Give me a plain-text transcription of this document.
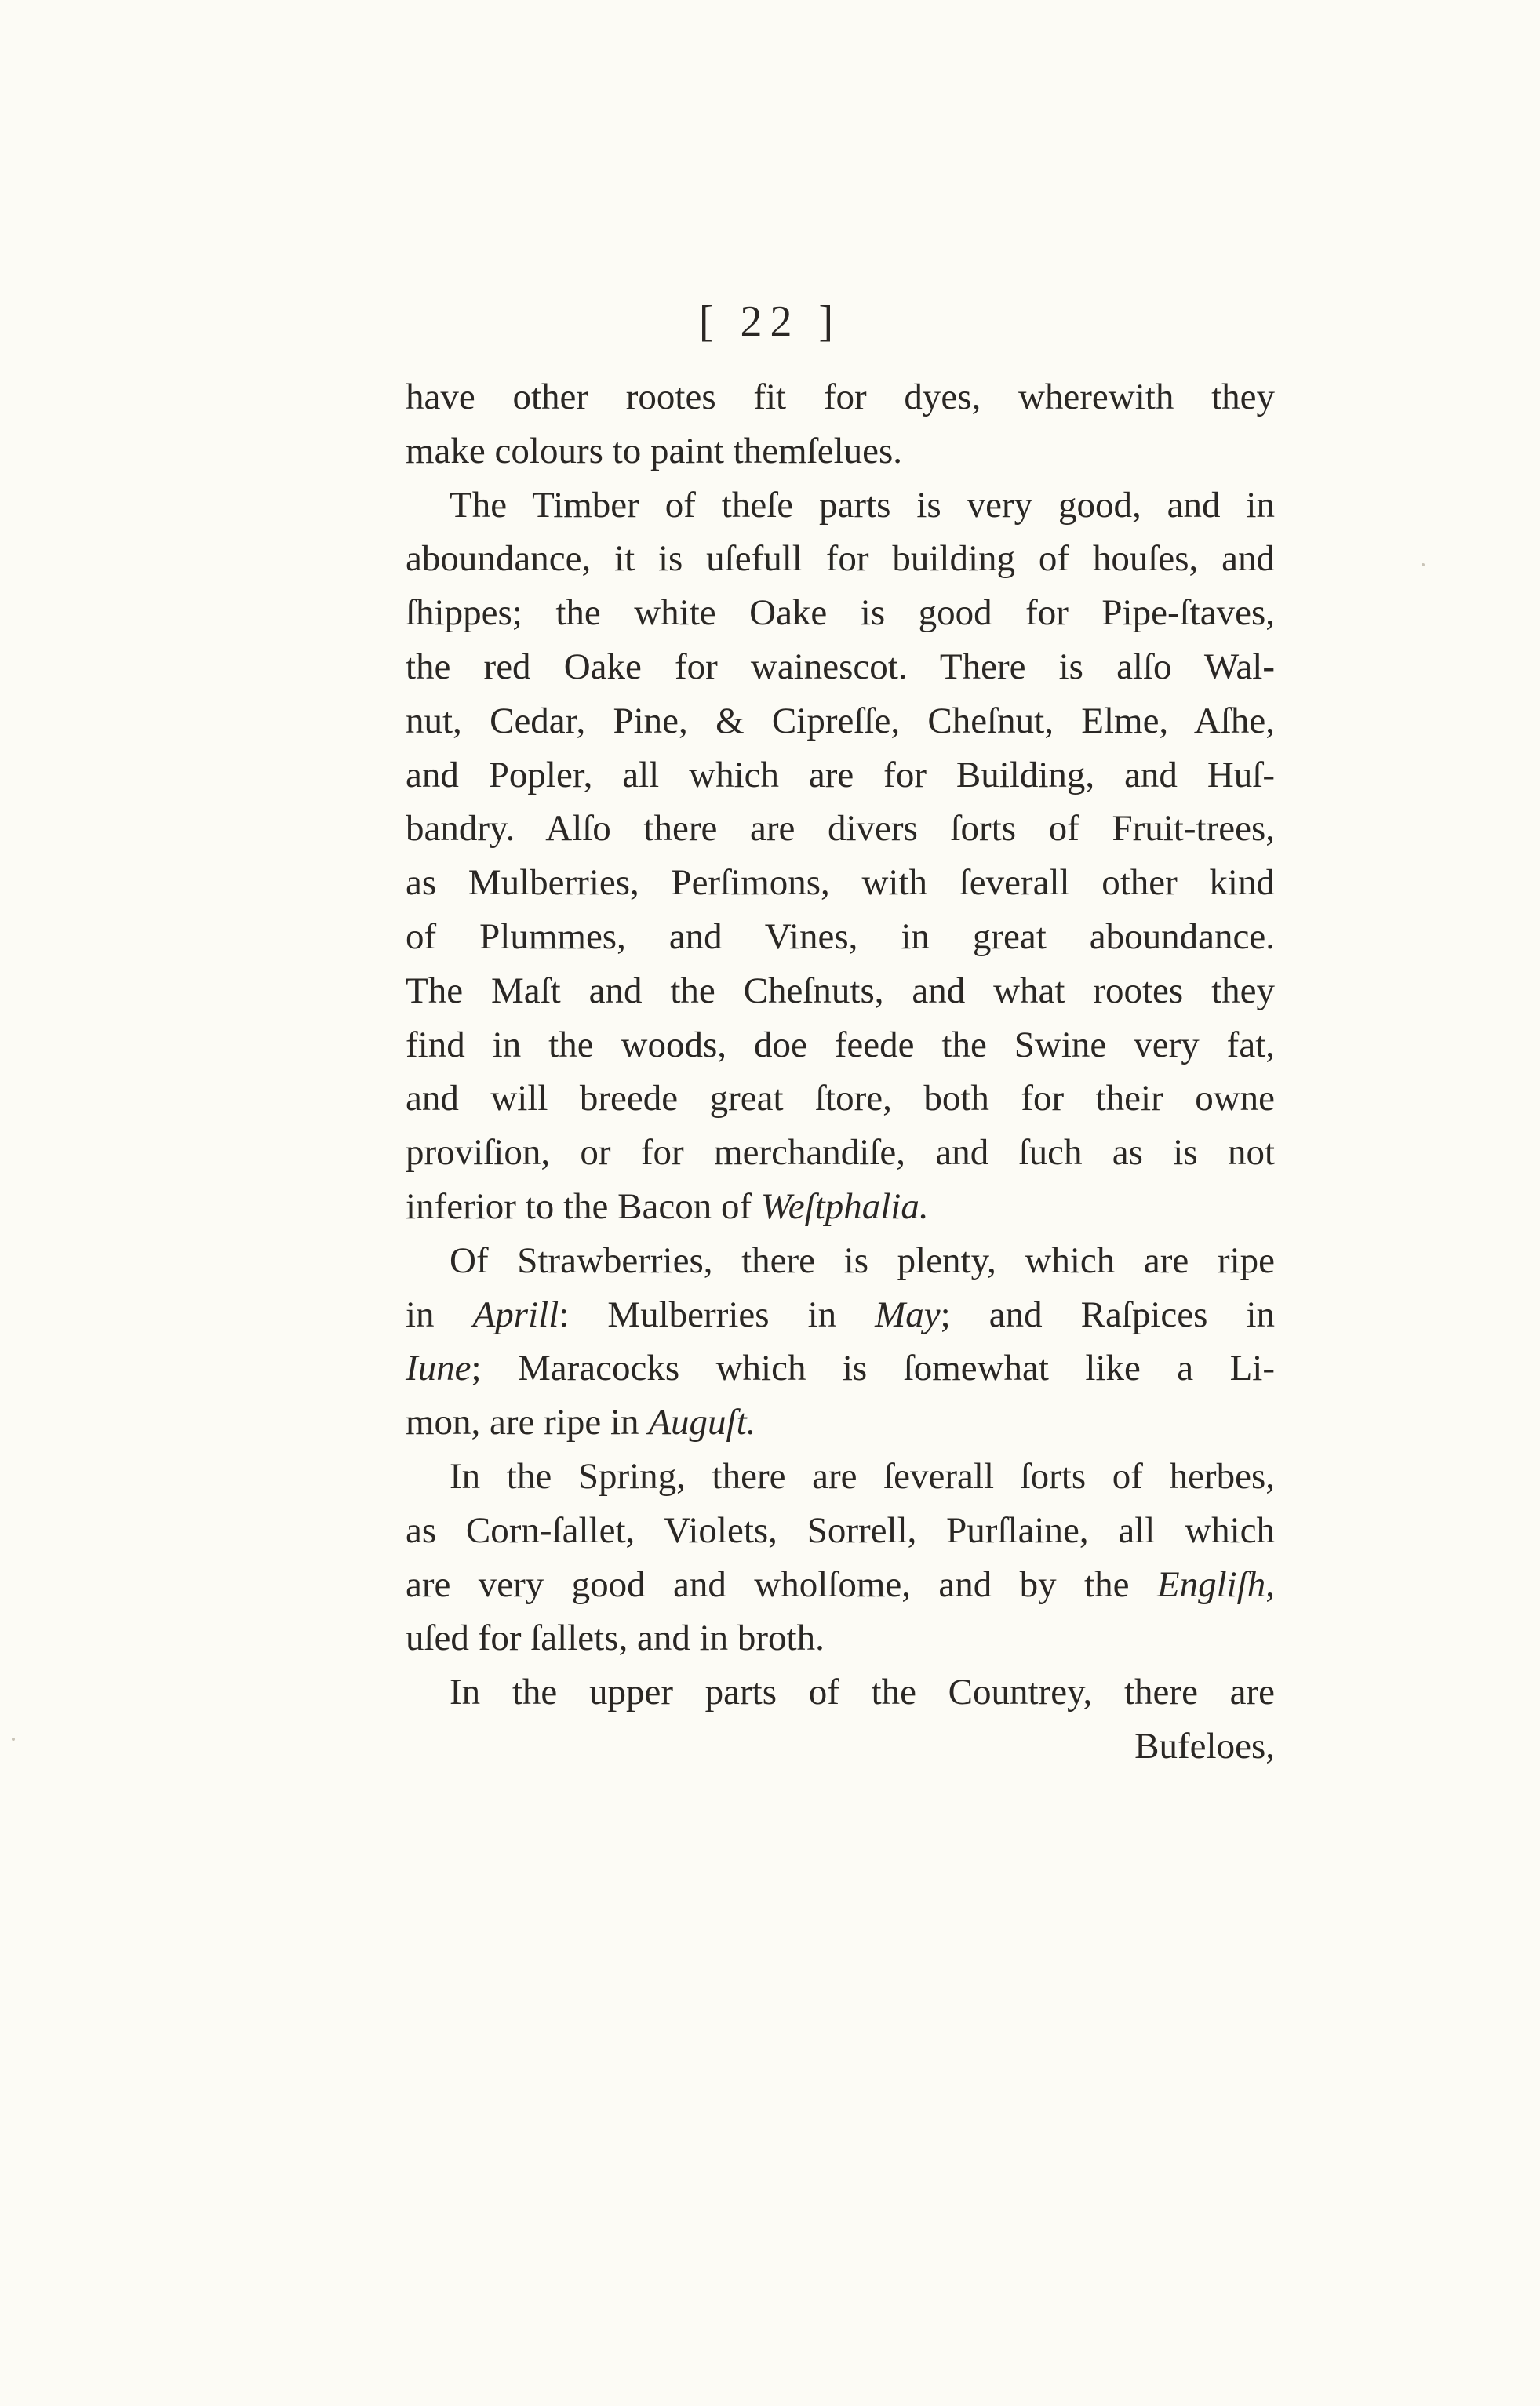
[ 22 ]
have other rootes fit for dyes, wherewith they
make colours to paint themſelues.
The Timber of theſe parts is very good, and in
aboundance, it is uſefull for building of houſes, and
ſhippes; the white Oake is good for Pipe-ſtaves,
the red Oake for wainescot. There is alſo Wal-
nut, Cedar, Pine, & Ciprеſſe, Cheſnut, Elme, Aſhe,
and Popler, all which are for Building, and Huſ-
bandry. Alſo there are divers ſorts of Fruit-trees,
as Mulberries, Perſimons, with ſeverall other kind
of Plummes, and Vines, in great aboundance.
The Maſt and the Cheſnuts, and what rootes they
find in the woods, doe feede the Swine very fat,
and will breede great ſtore, both for their owne
proviſion, or for merchandiſe, and ſuch as is not
inferior to the Bacon of Weſtphalia.
Of Strawberries, there is plenty, which are ripe
in Aprill: Mulberries in May; and Raſpices in
Iune; Maracocks which is ſomewhat like a Li-
mon, are ripe in Auguſt.
In the Spring, there are ſeverall ſorts of herbes,
as Corn-ſallet, Violets, Sorrell, Purſlaine, all which
are very good and wholſome, and by the Engliſh,
uſed for ſallets, and in broth.
In the upper parts of the Countrey, there are
Bufeloes,
